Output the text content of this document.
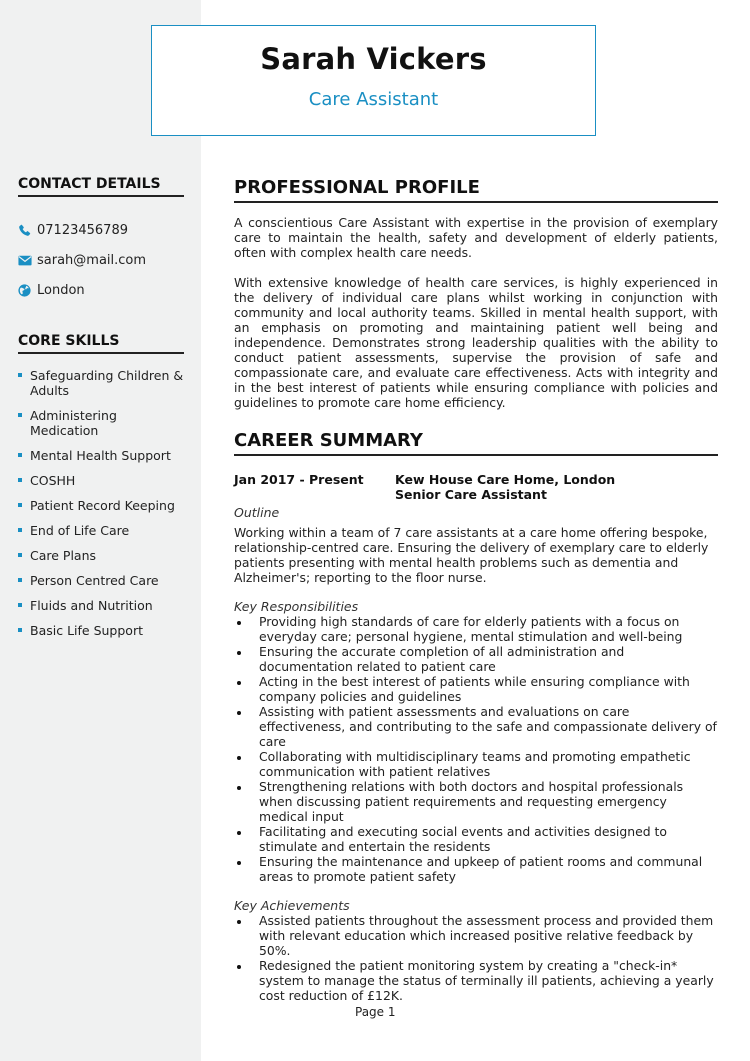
Sarah Vickers
Care Assistant
CONTACT DETAILS
07123456789
sarah@mail.com
London
CORE SKILLS
Safeguarding Children & Adults
Administering Medication
Mental Health Support
COSHH
Patient Record Keeping
End of Life Care
Care Plans
Person Centred Care
Fluids and Nutrition
Basic Life Support
PROFESSIONAL PROFILE

A conscientious Care Assistant with expertise in the provision of exemplary care to maintain the health, safety and development of elderly patients, often with complex health care needs.

With extensive knowledge of health care services, is highly experienced in the delivery of individual care plans whilst working in conjunction with community and local authority teams. Skilled in mental health support, with an emphasis on promoting and maintaining patient well being and independence. Demonstrates strong leadership qualities with the ability to conduct patient assessments, supervise the provision of safe and compassionate care, and evaluate care effectiveness. Acts with integrity and in the best interest of patients while ensuring compliance with policies and guidelines to promote care home efficiency.

CAREER SUMMARY
Jan 2017 - Present	Kew House Care Home, London
Senior Care Assistant
Outline

Working within a team of 7 care assistants at a care home offering bespoke, relationship-centred care. Ensuring the delivery of exemplary care to elderly patients presenting with mental health problems such as dementia and Alzheimer's; reporting to the floor nurse.

Key Responsibilities
Providing high standards of care for elderly patients with a focus on everyday care; personal hygiene, mental stimulation and well-being
Ensuring the accurate completion of all administration and documentation related to patient care
Acting in the best interest of patients while ensuring compliance with company policies and guidelines
Assisting with patient assessments and evaluations on care effectiveness, and contributing to the safe and compassionate delivery of care
Collaborating with multidisciplinary teams and promoting empathetic communication with patient relatives
Strengthening relations with both doctors and hospital professionals when discussing patient requirements and requesting emergency medical input
Facilitating and executing social events and activities designed to stimulate and entertain the residents
Ensuring the maintenance and upkeep of patient rooms and communal areas to promote patient safety
Key Achievements
Assisted patients throughout the assessment process and provided them with relevant education which increased positive relative feedback by 50%.
Redesigned the patient monitoring system by creating a "check-in* system to manage the status of terminally ill patients, achieving a yearly cost reduction of £12K.
Page 1
